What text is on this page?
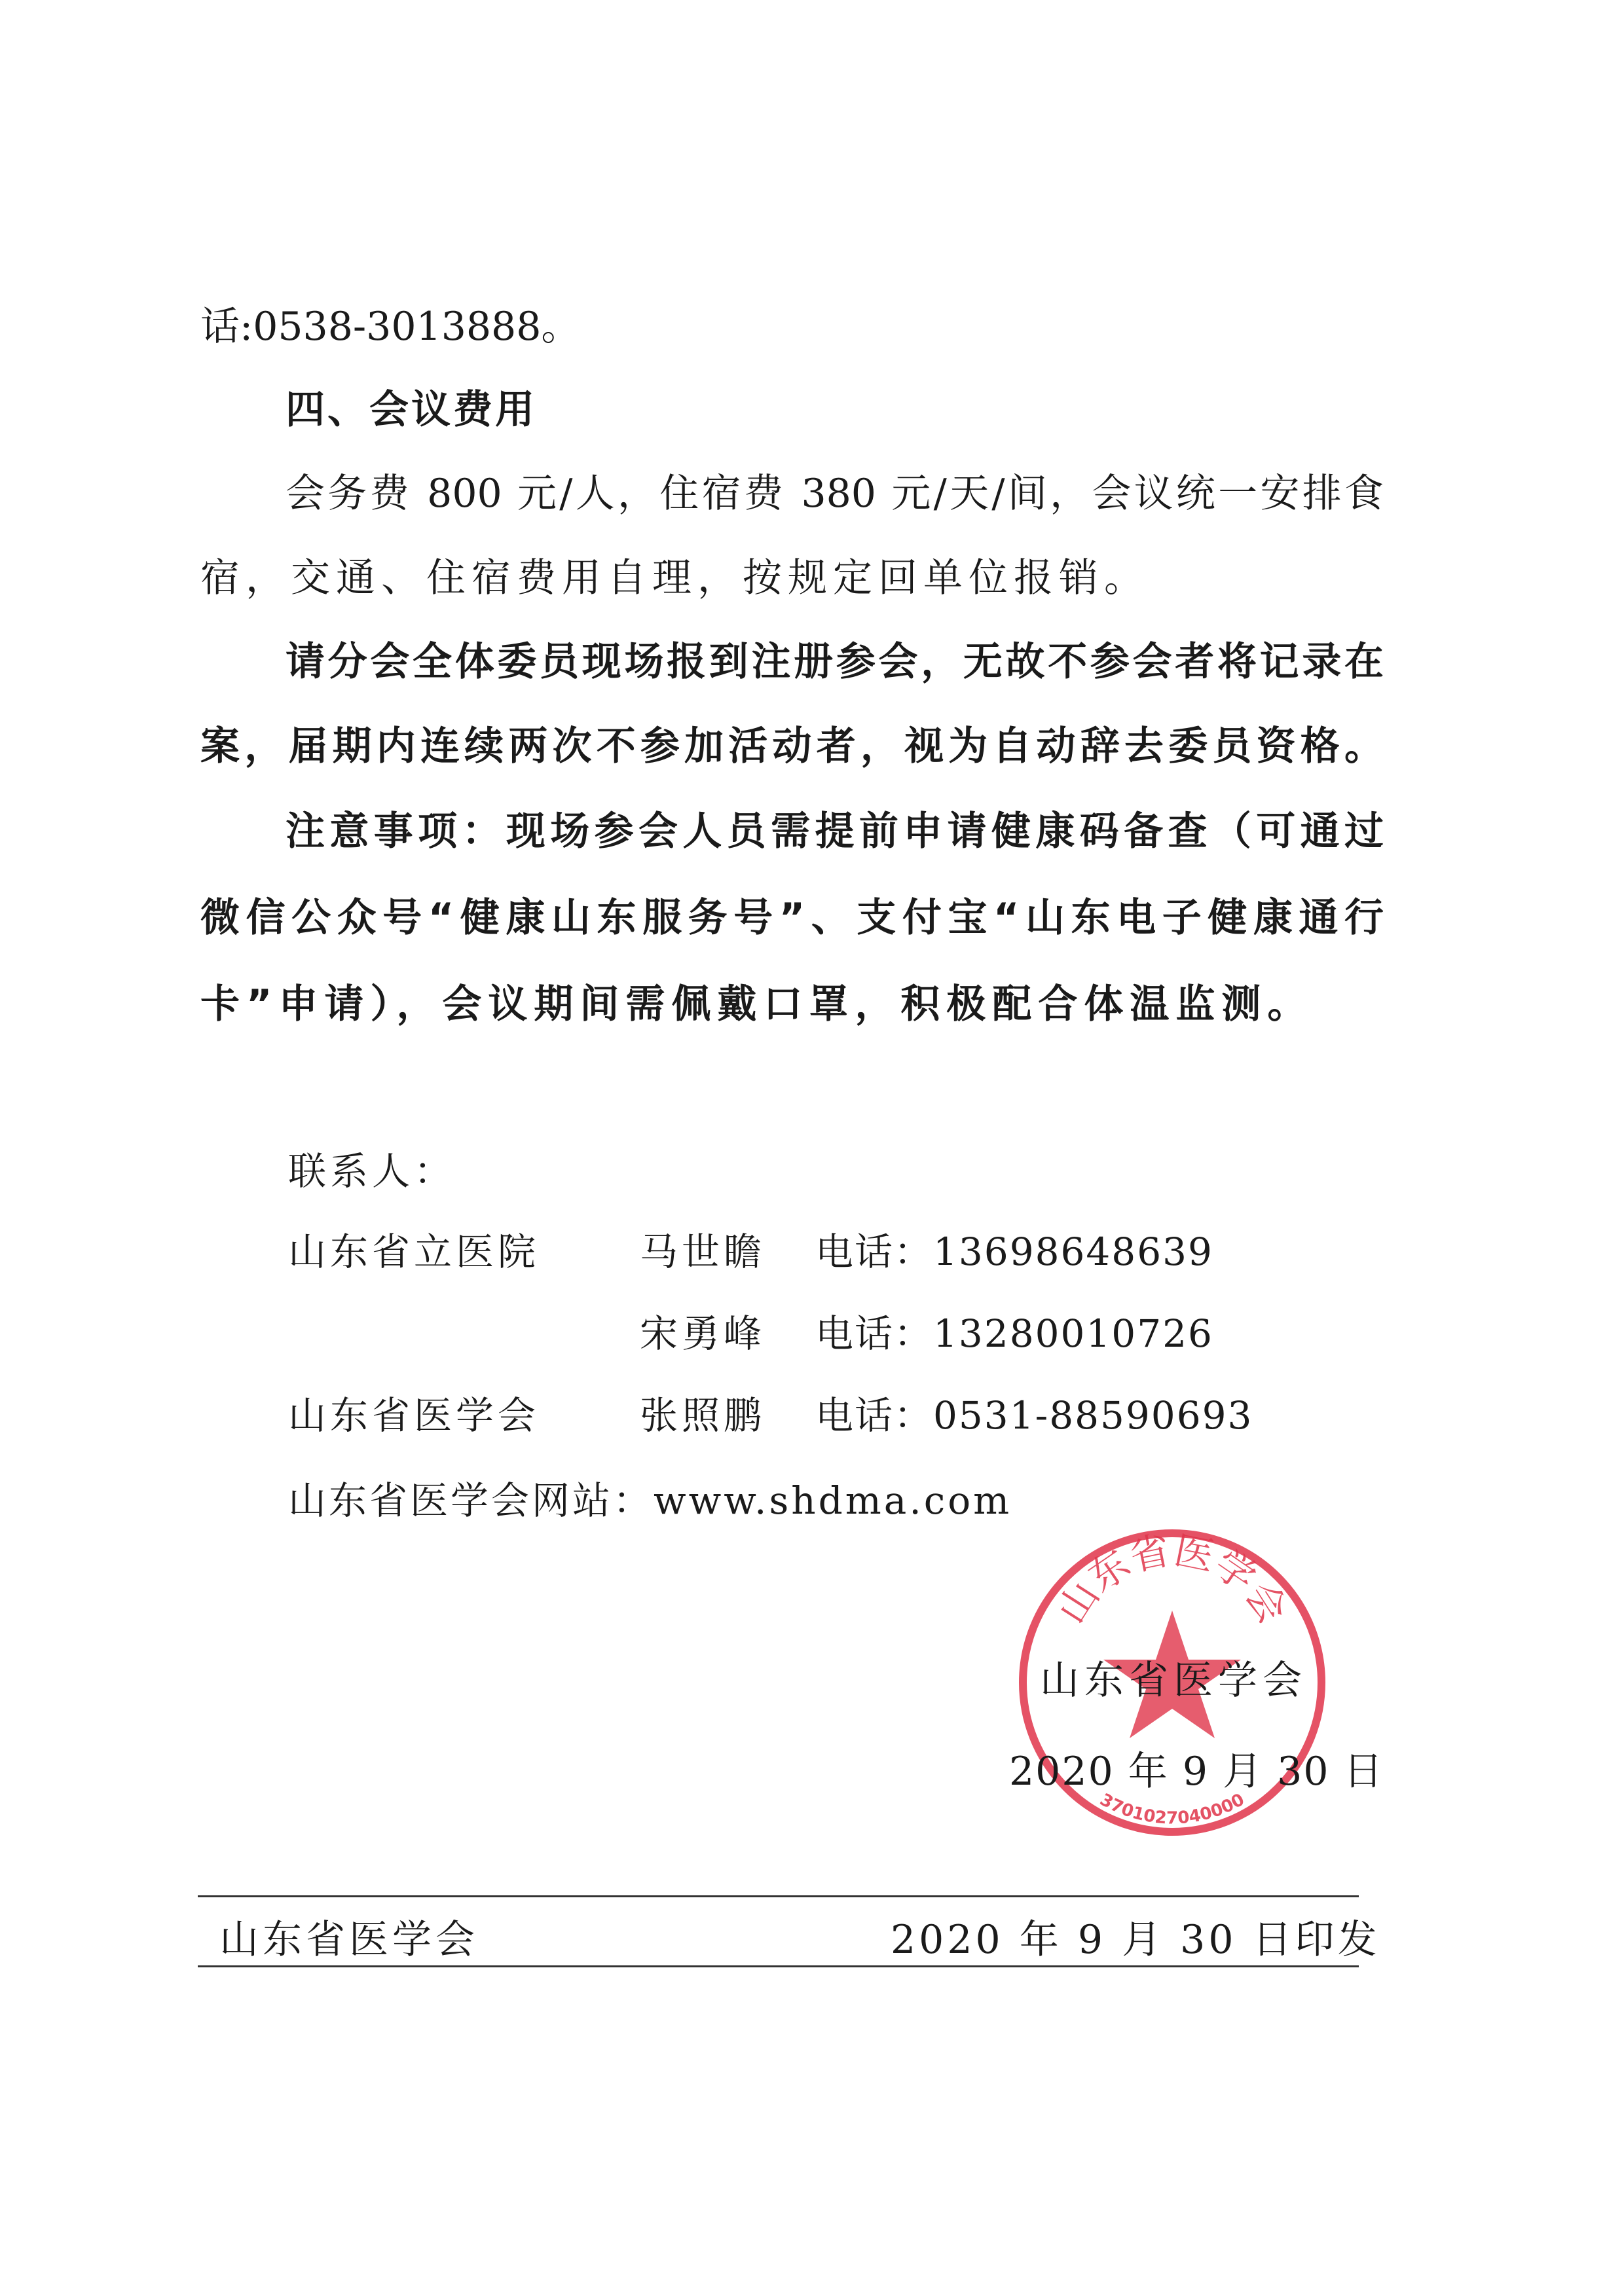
话:0538-3013888。
四、会议费用
会务费 800 元/人，住宿费 380 元/天/间，会议统一安排食
宿，交通、住宿费用自理，按规定回单位报销。
请分会全体委员现场报到注册参会，无故不参会者将记录在
案，届期内连续两次不参加活动者，视为自动辞去委员资格。
注意事项：现场参会人员需提前申请健康码备查（可通过
微信公众号“健康山东服务号”、支付宝“山东电子健康通行
卡”申请），会议期间需佩戴口罩，积极配合体温监测。
联系人：
山东省立医院	马世瞻 电话：13698648639
宋勇峰 电话：13280010726
山东省医学会	张照鹏 电话：0531-88590693
山东省医学会网站：www.shdma.com
山东省医学会
3701027040000
山东省医学会
2020 年 9 月 30 日
山东省医学会	2020 年 9 月 30 日印发
